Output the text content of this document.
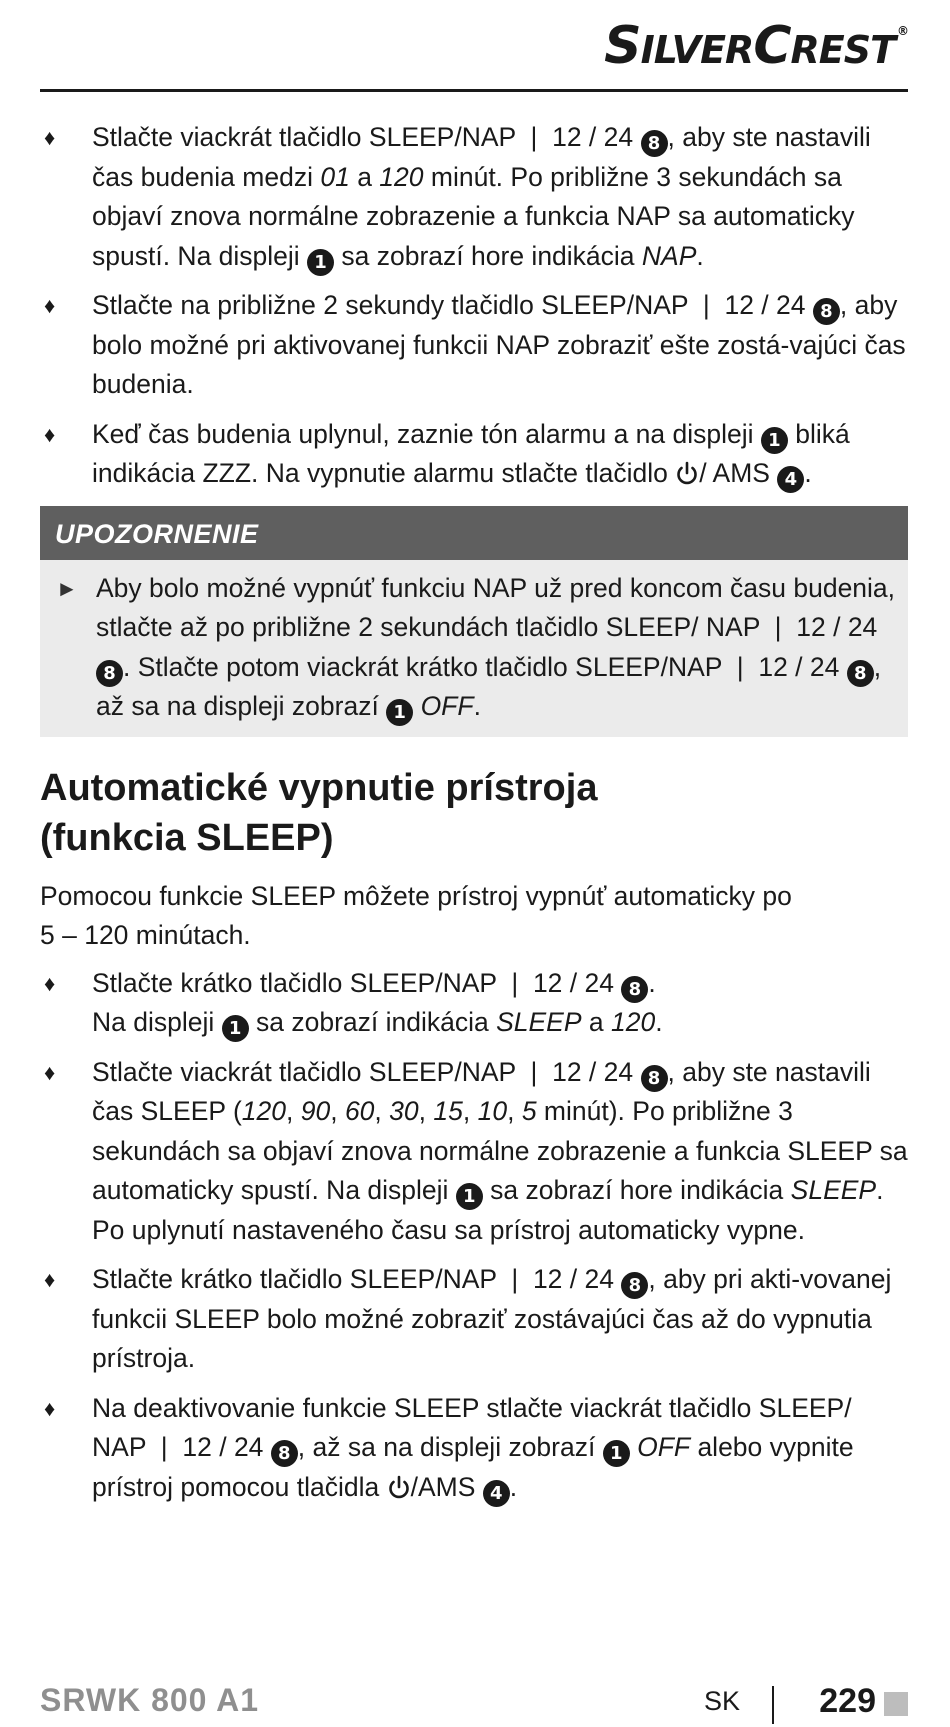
SILVERCREST ®
♦ Stlačte viackrát tlačidlo SLEEP/NAP | 12 / 24 8 , aby ste nastavili čas budenia medzi 01 a 120 minút. Po približne 3 sekundách sa objaví znova normálne zobrazenie a funkcia NAP sa automaticky spustí. Na displeji 1 sa zobrazí hore indikácia NAP.
♦ Stlačte na približne 2 sekundy tlačidlo SLEEP/NAP | 12 / 24 8 , aby bolo možné pri aktivovanej funkcii NAP zobraziť ešte zostá-vajúci čas budenia.
♦ Keď čas budenia uplynul, zaznie tón alarmu a na displeji 1 bliká indikácia ZZZ. Na vypnutie alarmu stlačte tlačidlo / AMS 4 .
UPOZORNENIE
► Aby bolo možné vypnúť funkciu NAP už pred koncom času budenia, stlačte až po približne 2 sekundách tlačidlo SLEEP/ NAP | 12 / 24 8 . Stlačte potom viackrát krátko tlačidlo SLEEP/NAP | 12 / 24 8 , až sa na displeji zobrazí 1 OFF.
Automatické vypnutie prístroja
(funkcia SLEEP)
Pomocou funkcie SLEEP môžete prístroj vypnúť automaticky po
5 – 120 minútach.
♦ Stlačte krátko tlačidlo SLEEP/NAP | 12 / 24 8 .
Na displeji 1 sa zobrazí indikácia SLEEP a 120.
♦ Stlačte viackrát tlačidlo SLEEP/NAP | 12 / 24 8 , aby ste nastavili čas SLEEP (120, 90, 60, 30, 15, 10, 5 minút). Po približne 3 sekundách sa objaví znova normálne zobrazenie a funkcia SLEEP sa automaticky spustí. Na displeji 1 sa zobrazí hore indikácia SLEEP. Po uplynutí nastaveného času sa prístroj automaticky vypne.
♦ Stlačte krátko tlačidlo SLEEP/NAP | 12 / 24 8 , aby pri akti-vovanej funkcii SLEEP bolo možné zobraziť zostávajúci čas až do vypnutia prístroja.
♦ Na deaktivovanie funkcie SLEEP stlačte viackrát tlačidlo SLEEP/ NAP | 12 / 24 8 , až sa na displeji zobrazí 1 OFF alebo vypnite prístroj pomocou tlačidla /AMS 4 .
SRWK 800 A1	SK 229
